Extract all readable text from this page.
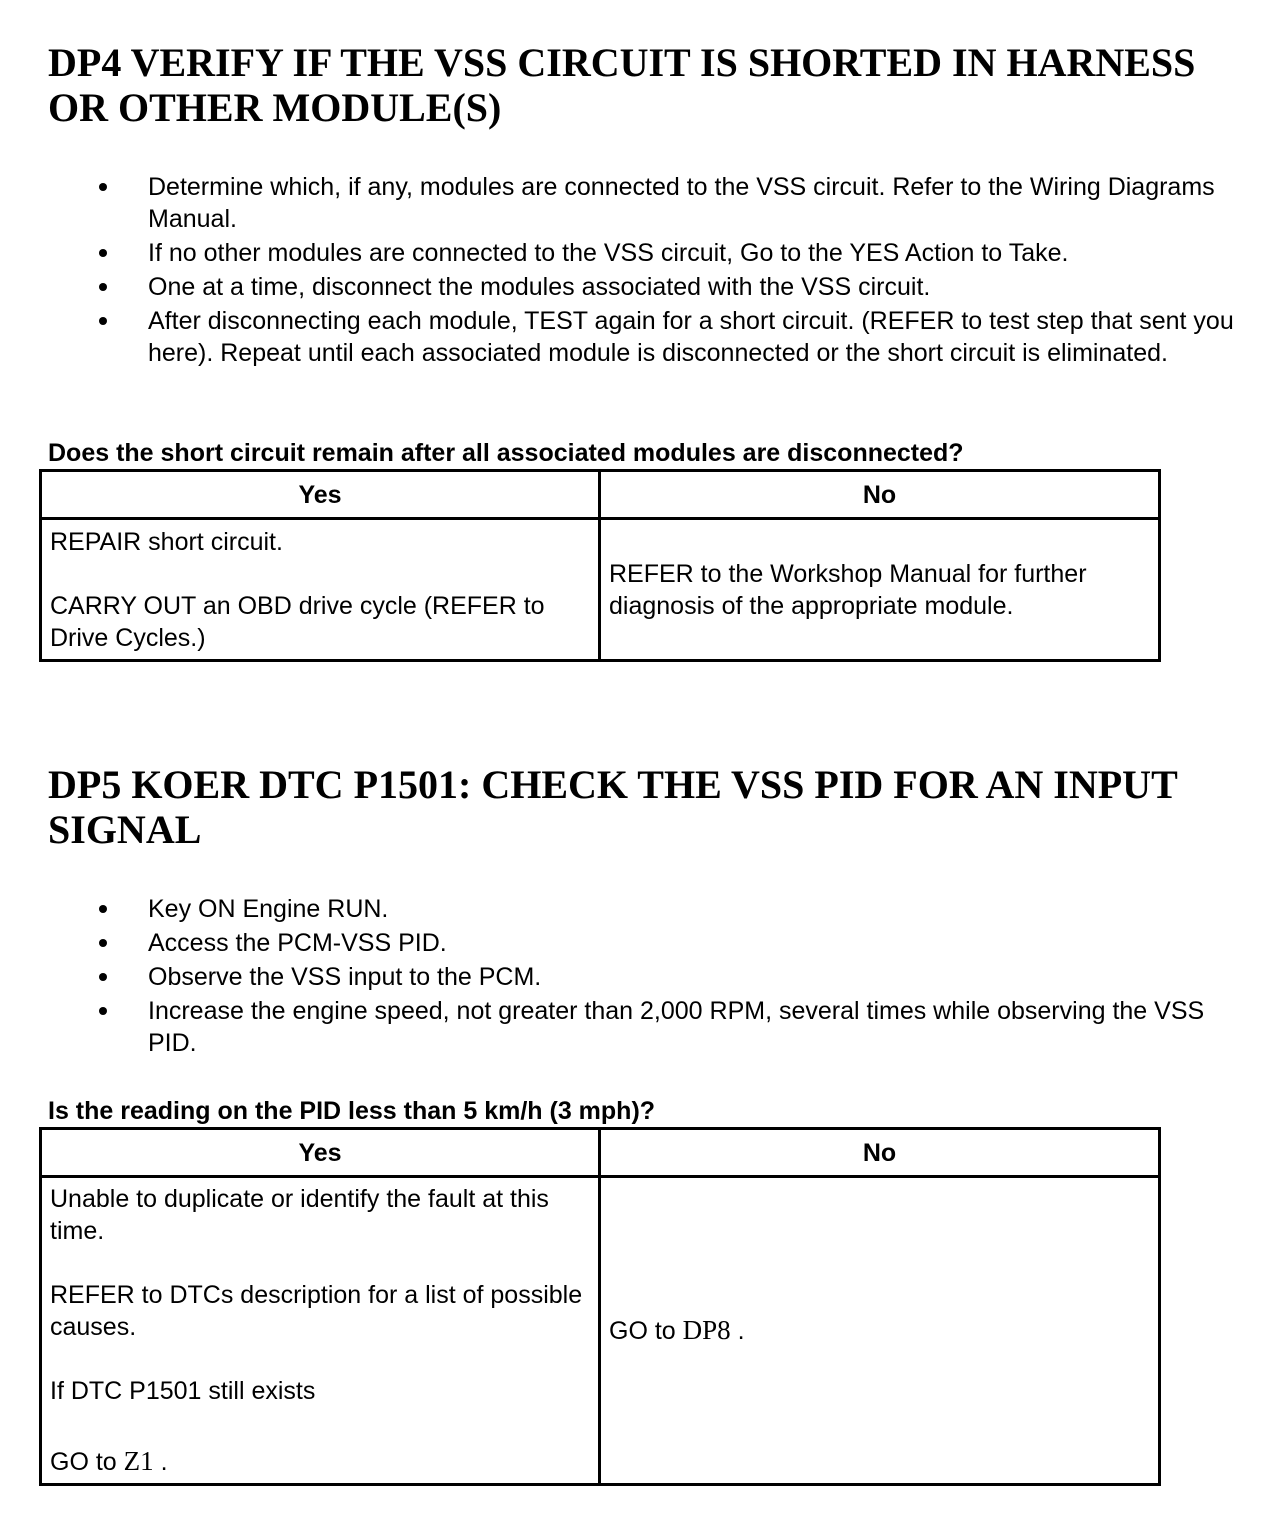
DP4 VERIFY IF THE VSS CIRCUIT IS SHORTED IN HARNESS OR OTHER MODULE(S)
Determine which, if any, modules are connected to the VSS circuit. Refer to the Wiring Diagrams Manual.
If no other modules are connected to the VSS circuit, Go to the YES Action to Take.
One at a time, disconnect the modules associated with the VSS circuit.
After disconnecting each module, TEST again for a short circuit. (REFER to test step that sent you here). Repeat until each associated module is disconnected or the short circuit is eliminated.
Does the short circuit remain after all associated modules are disconnected?
Yes	No

REPAIR short circuit.
CARRY OUT an OBD drive cycle (REFER to Drive Cycles.)	REFER to the Workshop Manual for further diagnosis of the appropriate module.
DP5 KOER DTC P1501: CHECK THE VSS PID FOR AN INPUT SIGNAL
Key ON Engine RUN.
Access the PCM-VSS PID.
Observe the VSS input to the PCM.
Increase the engine speed, not greater than 2,000 RPM, several times while observing the VSS PID.
Is the reading on the PID less than 5 km/h (3 mph)?
Yes	No

Unable to duplicate or identify the fault at this time.
REFER to DTCs description for a list of possible causes.
If DTC P1501 still exists
GO to Z1 .	GO to DP8 .
